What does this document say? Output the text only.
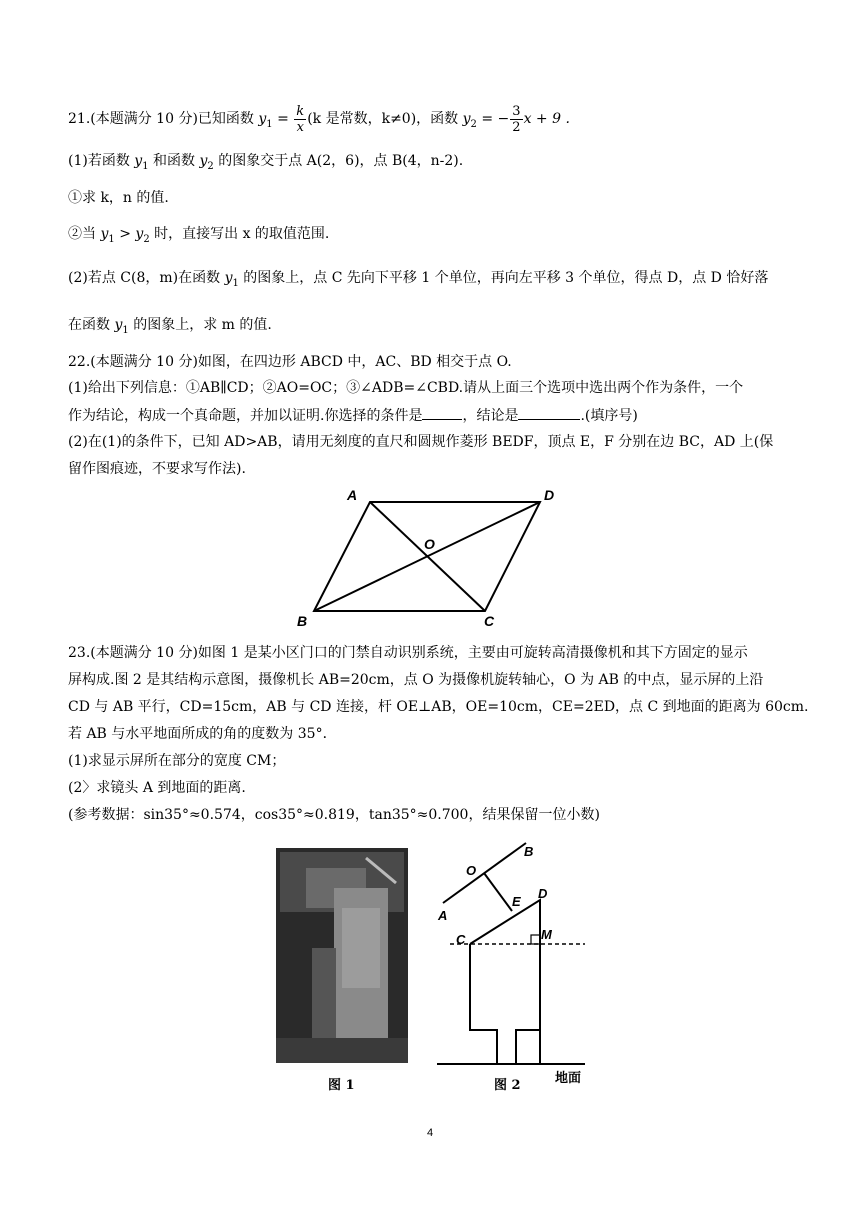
21.(本题满分 10 分)已知函数 $y_1 = \frac{k}{x} (k$ 是常数，k≠0)，函数 $y_2$ = − $\frac{3}{2}$ x + 9 .
(1)若函数 $y_1$ 和函数 $y_2$ 的图象交于点 A(2，6)，点 B(4，n-2).
①求 k，n 的值.
②当 $y_1 > y_2$ 时，直接写出 x 的取值范围.
(2)若点 C(8，m)在函数 $y_1$ 的图象上，点 C 先向下平移 1 个单位，再向左平移 3 个单位，得点 D，点 D 恰好落
在函数 $y_1$ 的图象上，求 m 的值.
22.(本题满分 10 分)如图，在四边形 ABCD 中，AC、BD 相交于点 O.
(1)给出下列信息：①AB∥CD；②AO=OC；③∠ADB=∠CBD.请从上面三个选项中选出两个作为条件，一个
作为结论，构成一个真命题，并加以证明.你选择的条件是	，结论是	.(填序号)
(2)在(1)的条件下，已知 AD>AB，请用无刻度的直尺和圆规作菱形 BEDF，顶点 E，F 分别在边 BC，AD 上(保
留作图痕迹，不要求写作法).
A	D
O
B	C
23.(本题满分 10 分)如图 1 是某小区门口的门禁自动识别系统，主要由可旋转高清摄像机和其下方固定的显示
屏构成.图 2 是其结构示意图，摄像机长 AB=20cm，点 O 为摄像机旋转轴心，O 为 AB 的中点，显示屏的上沿
CD 与 AB 平行，CD=15cm，AB 与 CD 连接，杆 OE⊥AB，OE=10cm，CE=2ED，点 C 到地面的距离为 60cm.
若 AB 与水平地面所成的角的度数为 35°．
(1)求显示屏所在部分的宽度 CM；
(2〉求镜头 A 到地面的距离.
(参考数据：sin35°≈0.574，cos35°≈0.819，tan35°≈0.700，结果保留一位小数)
O
B
A
E
D
C	M
图 1	图 2	地面
4
